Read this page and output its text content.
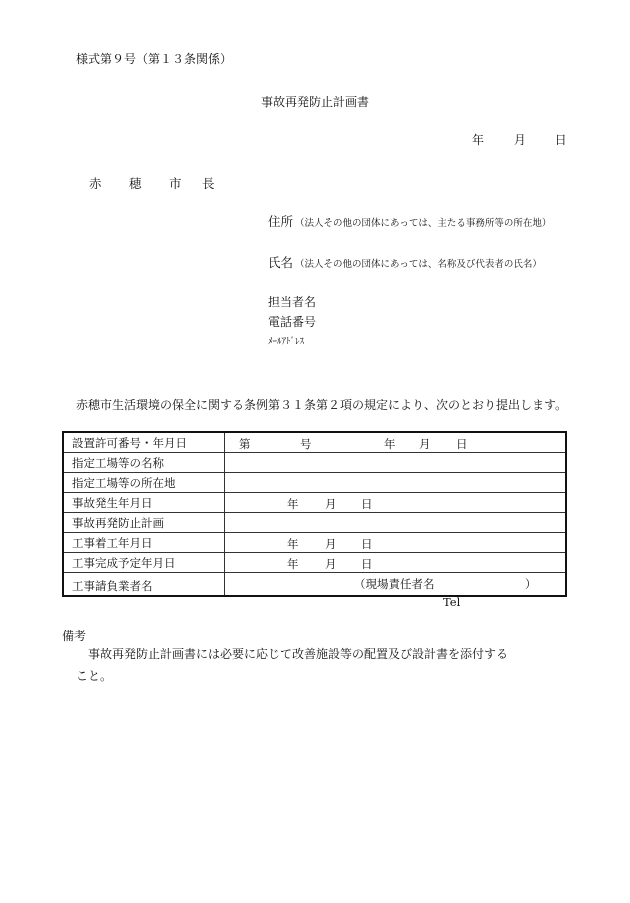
様式第９号（第１３条関係）
事故再発防止計画書
年 月 日
赤 穂 市 長
住所 （法人その他の団体にあっては、主たる事務所等の所在地）
氏名 （法人その他の団体にあっては、名称及び代表者の氏名）
担当者名
電話番号
ﾒｰﾙｱﾄﾞﾚｽ
赤穂市生活環境の保全に関する条例第３１条第２項の規定により、次のとおり提出します。
設置許可番号・年月日	第 号 年 月 日

指定工場等の名称	
指定工場等の所在地	
事故発生年月日	年 月 日

事故再発防止計画	
工事着工年月日	年 月 日

工事完成予定年月日	年 月 日

工事請負業者名	（現場責任者名 ）
Tel
備考
事故再発防止計画書には必要に応じて改善施設等の配置及び設計書を添付する
こと。
